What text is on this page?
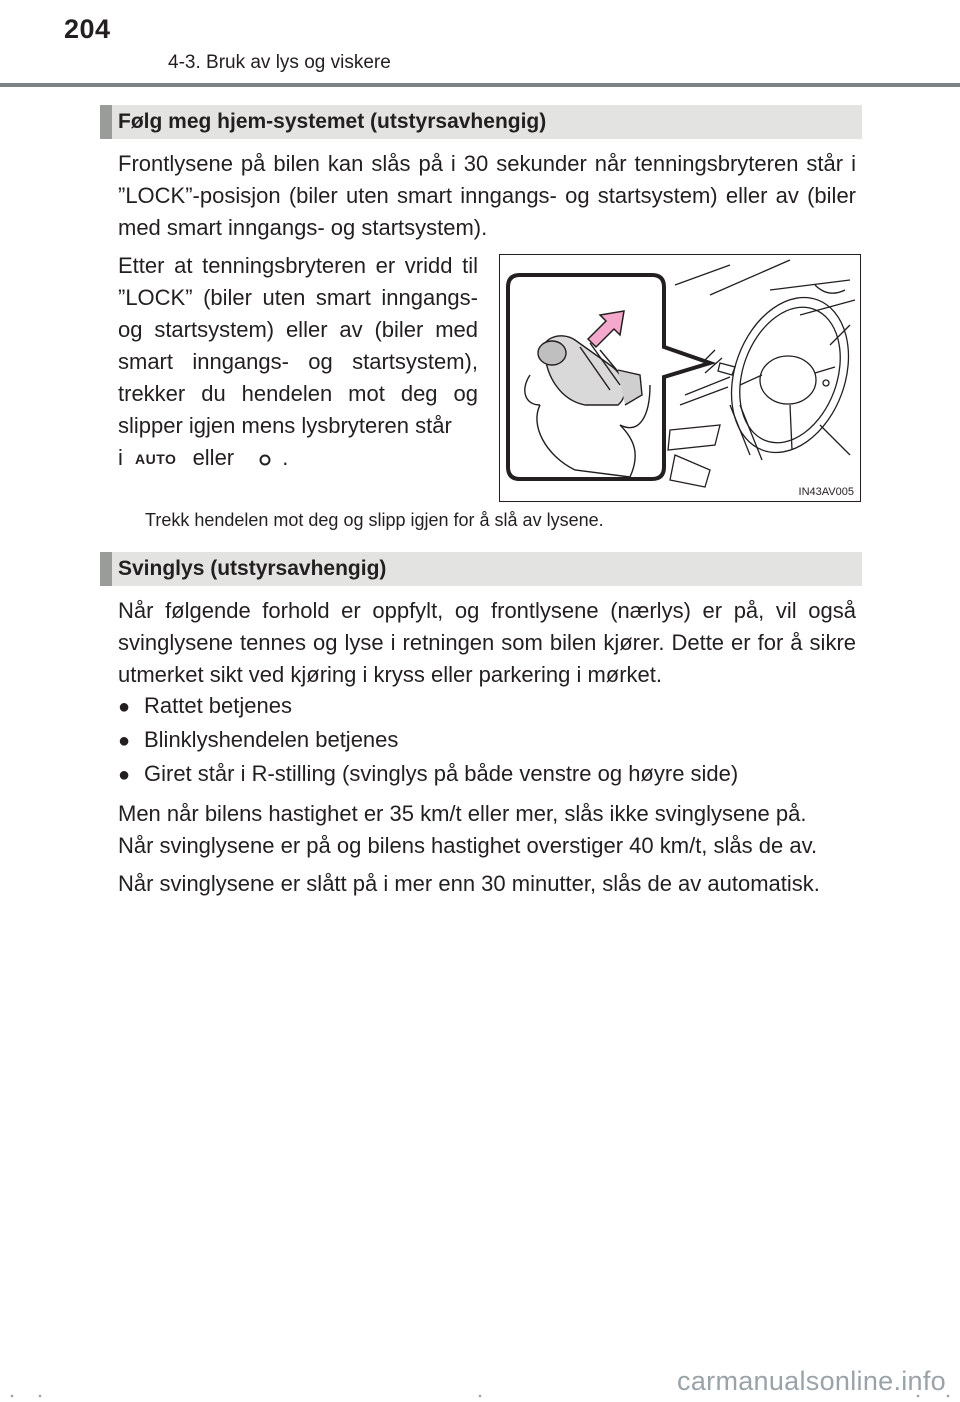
204
4-3. Bruk av lys og viskere
Følg meg hjem-systemet (utstyrsavhengig)
Frontlysene på bilen kan slås på i 30 sekunder når tenningsbryteren står i ”LOCK”-posisjon (biler uten smart inngangs- og startsystem) eller av (biler med smart inngangs- og startsystem).
Etter at tenningsbryteren er vridd til ”LOCK” (biler uten smart inngangs- og startsystem) eller av (biler med smart inngangs- og startsystem), trekker du hendelen mot deg og slipper igjen mens lysbryteren står
i AUTO eller .
IN43AV005
Trekk hendelen mot deg og slipp igjen for å slå av lysene.
Svinglys (utstyrsavhengig)
Når følgende forhold er oppfylt, og frontlysene (nærlys) er på, vil også svinglysene tennes og lyse i retningen som bilen kjører. Dette er for å sikre utmerket sikt ved kjøring i kryss eller parkering i mørket.
● Rattet betjenes
● Blinklyshendelen betjenes
● Giret står i R-stilling (svinglys på både venstre og høyre side)
Men når bilens hastighet er 35 km/t eller mer, slås ikke svinglysene på.
Når svinglysene er på og bilens hastighet overstiger 40 km/t, slås de av.
Når svinglysene er slått på i mer enn 30 minutter, slås de av automatisk.
carmanualsonline.info
